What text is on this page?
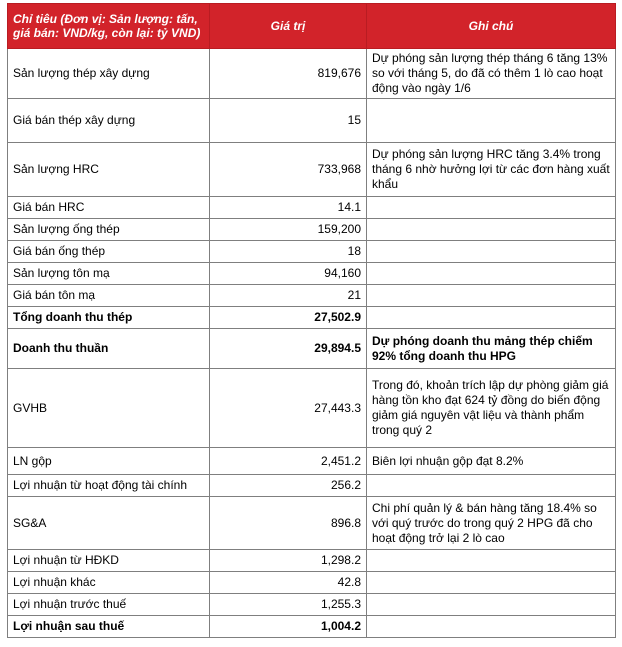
Chỉ tiêu (Đơn vị: Sản lượng: tấn, giá bán: VND/kg, còn lại: tỷ VND)	Giá trị	Ghi chú
Sản lượng thép xây dựng	819,676	Dự phóng sản lượng thép tháng 6 tăng 13% so với tháng 5, do đã có thêm 1 lò cao hoạt động vào ngày 1/6
Giá bán thép xây dựng	15	
Sản lượng HRC	733,968	Dự phóng sản lượng HRC tăng 3.4% trong tháng 6 nhờ hưởng lợi từ các đơn hàng xuất khẩu
Giá bán HRC	14.1	
Sản lượng ống thép	159,200	
Giá bán ống thép	18	
Sản lượng tôn mạ	94,160	
Giá bán tôn mạ	21	
Tổng doanh thu thép	27,502.9	
Doanh thu thuần	29,894.5	Dự phóng doanh thu mảng thép chiếm 92% tổng doanh thu HPG
GVHB	27,443.3	Trong đó, khoản trích lập dự phòng giảm giá hàng tồn kho đạt 624 tỷ đồng do biến động giảm giá nguyên vật liệu và thành phẩm trong quý 2
LN gộp	2,451.2	Biên lợi nhuận gộp đạt 8.2%
Lợi nhuận từ hoạt động tài chính	256.2	
SG&A	896.8	Chi phí quản lý & bán hàng tăng 18.4% so với quý trước do trong quý 2 HPG đã cho hoạt động trở lại 2 lò cao
Lợi nhuận từ HĐKD	1,298.2	
Lợi nhuận khác	42.8	
Lợi nhuận trước thuế	1,255.3	
Lợi nhuận sau thuế	1,004.2	
